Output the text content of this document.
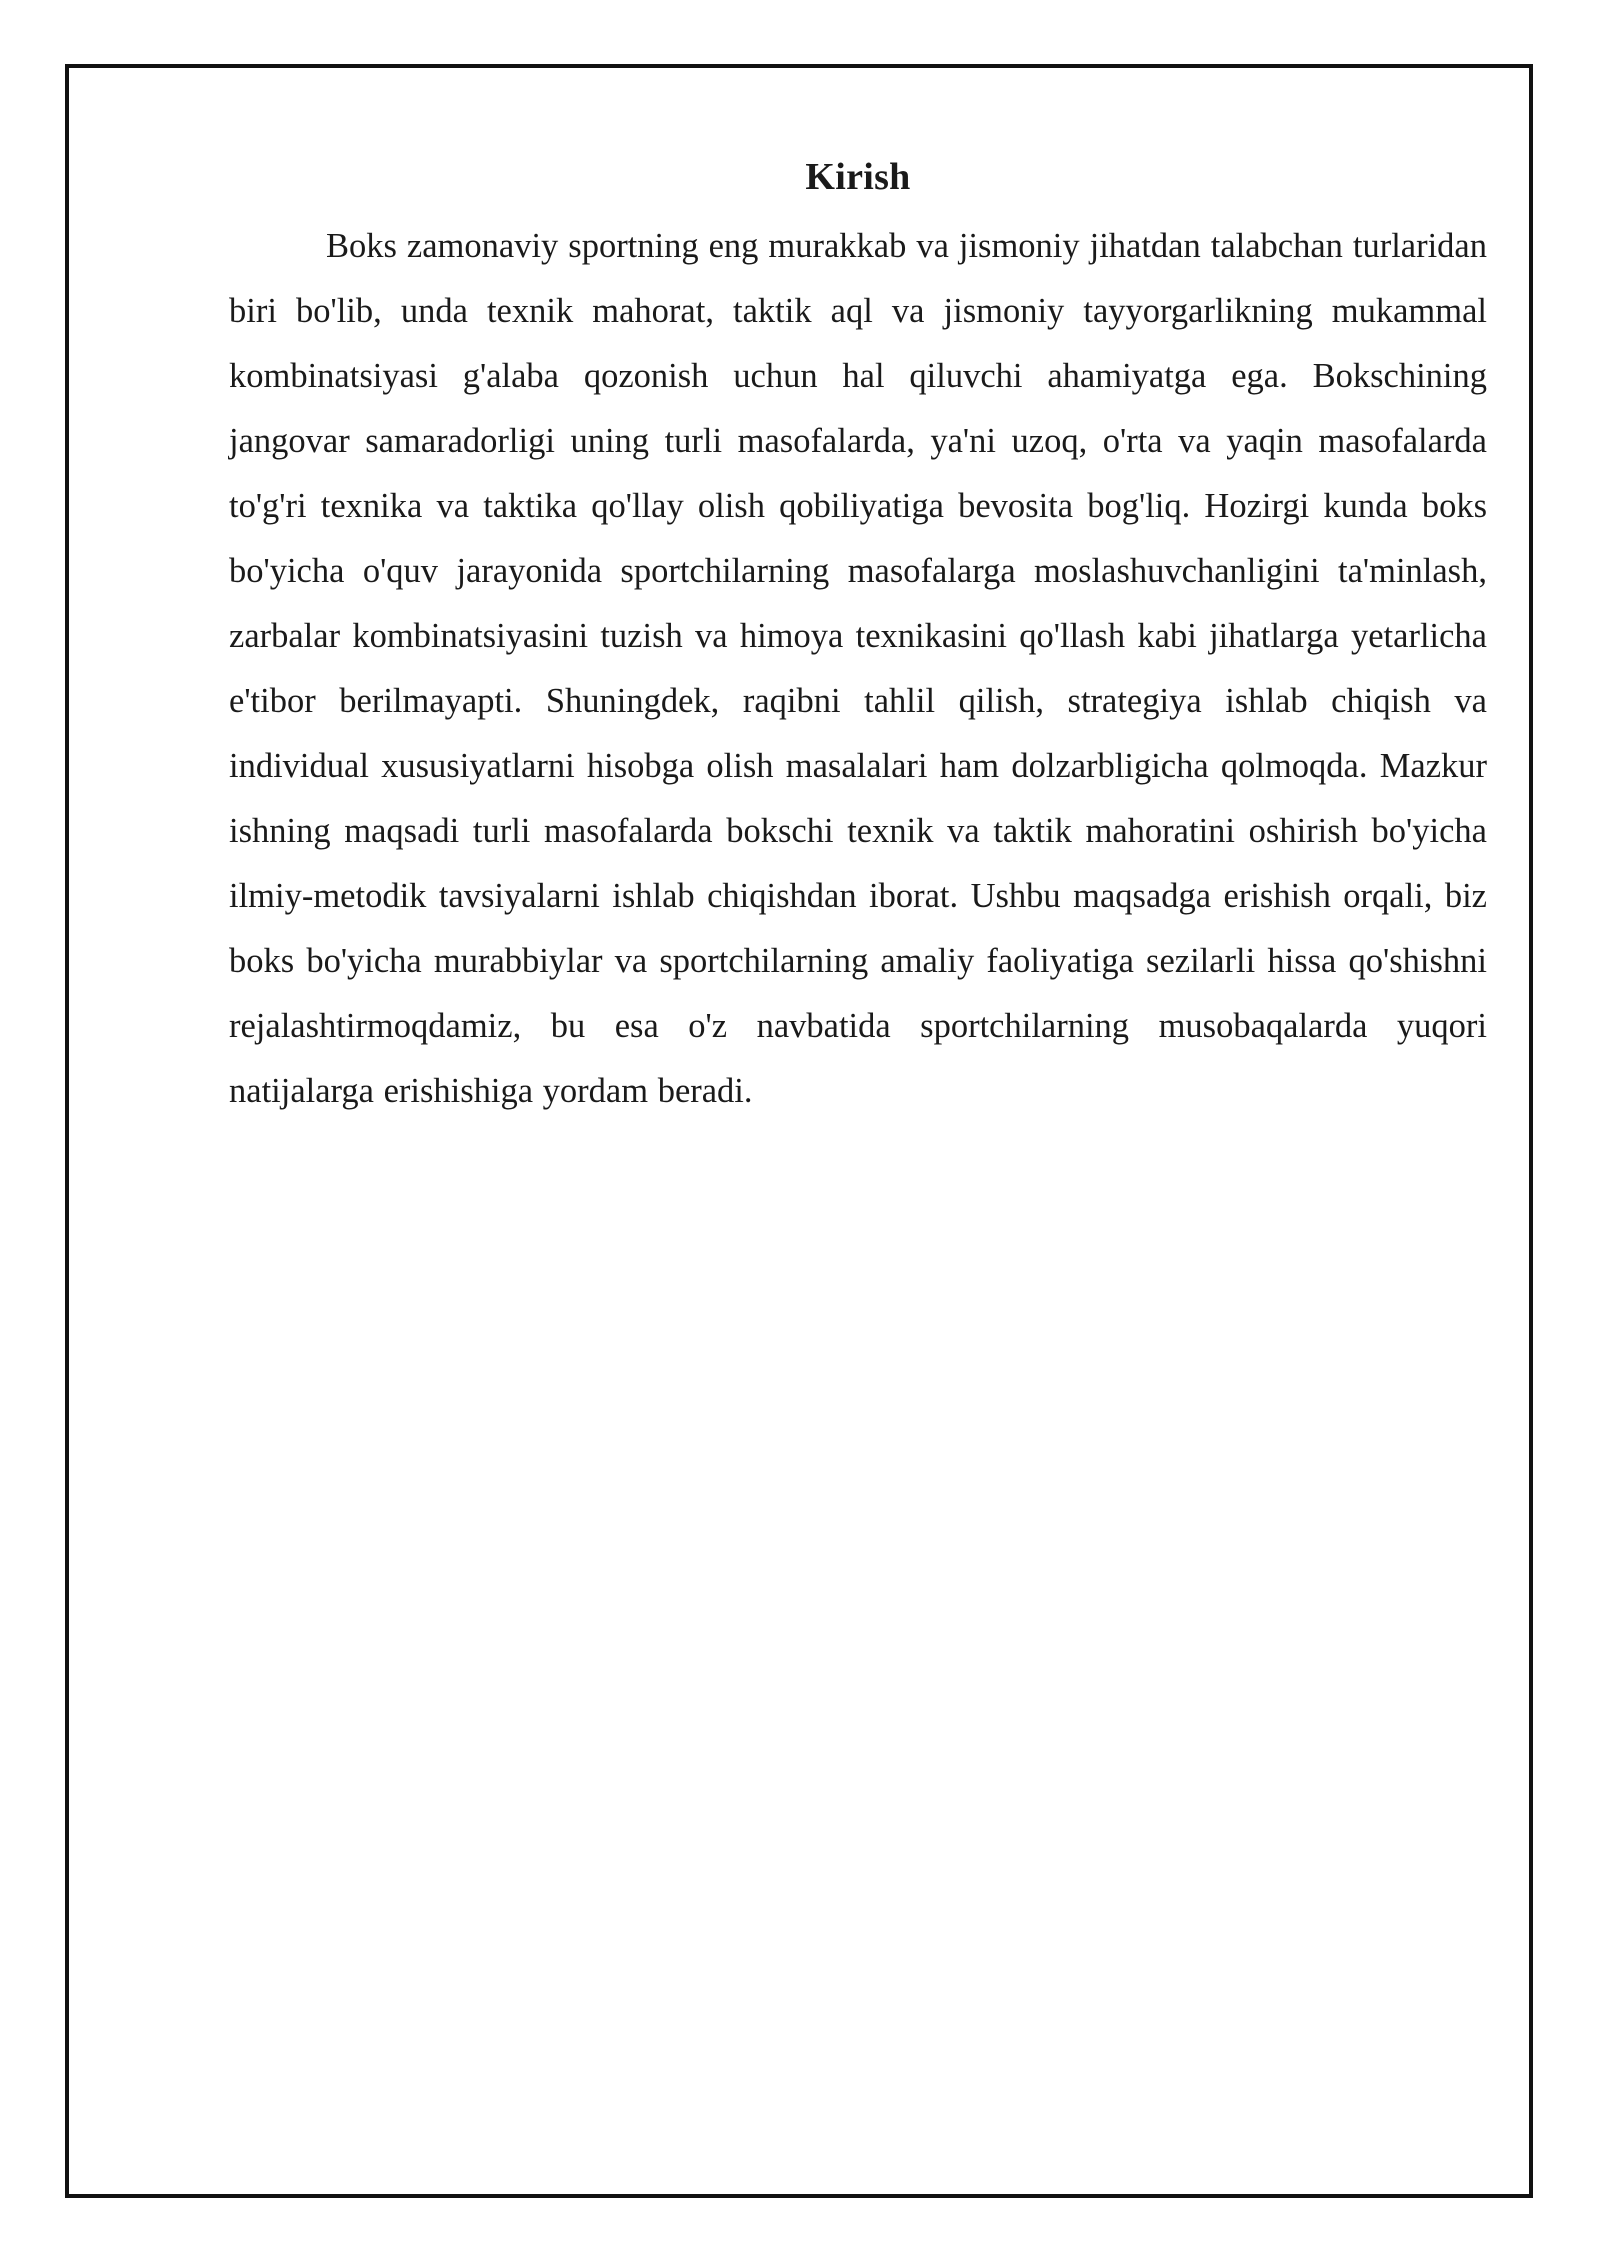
Kirish

Boks zamonaviy sportning eng murakkab va jismoniy jihatdan talabchan turlaridan biri bo'lib, unda texnik mahorat, taktik aql va jismoniy tayyorgarlikning mukammal kombinatsiyasi g'alaba qozonish uchun hal qiluvchi ahamiyatga ega. Bokschining jangovar samaradorligi uning turli masofalarda, ya'ni uzoq, o'rta va yaqin masofalarda to'g'ri texnika va taktika qo'llay olish qobiliyatiga bevosita bog'liq. Hozirgi kunda boks bo'yicha o'quv jarayonida sportchilarning masofalarga moslashuvchanligini ta'minlash, zarbalar kombinatsiyasini tuzish va himoya texnikasini qo'llash kabi jihatlarga yetarlicha e'tibor berilmayapti. Shuningdek, raqibni tahlil qilish, strategiya ishlab chiqish va individual xususiyatlarni hisobga olish masalalari ham dolzarbligicha qolmoqda. Mazkur ishning maqsadi turli masofalarda bokschi texnik va taktik mahoratini oshirish bo'yicha ilmiy-metodik tavsiyalarni ishlab chiqishdan iborat. Ushbu maqsadga erishish orqali, biz boks bo'yicha murabbiylar va sportchilarning amaliy faoliyatiga sezilarli hissa qo'shishni rejalashtirmoqdamiz, bu esa o'z navbatida sportchilarning musobaqalarda yuqori natijalarga erishishiga yordam beradi.
